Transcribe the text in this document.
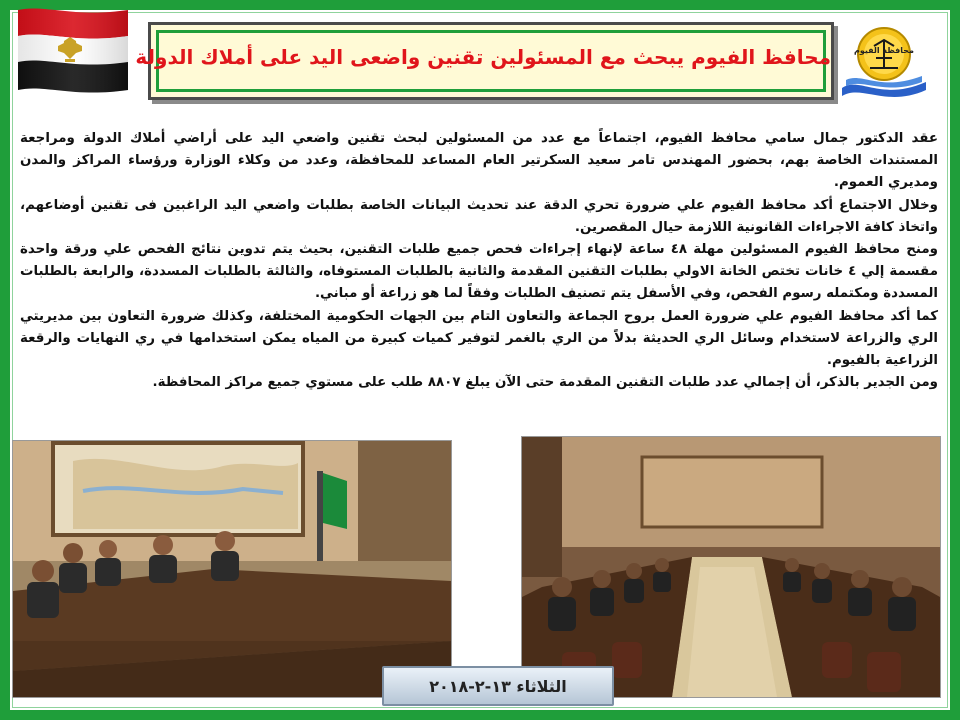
محافظ الفيوم يبحث مع المسئولين تقنين واضعى اليد على أملاك الدولة	محافظة الفيوم

عقد الدكتور جمال سامي محافظ الفيوم، اجتماعاً مع عدد من المسئولين لبحث تقنين واضعي اليد على أراضي أملاك الدولة ومراجعة المستندات الخاصة بهم، بحضور المهندس تامر سعيد السكرتير العام المساعد للمحافظة، وعدد من وكلاء الوزارة ورؤساء المراكز والمدن ومديري العموم.

وخلال الاجتماع أكد محافظ الفيوم علي ضرورة تحري الدقة عند تحديث البيانات الخاصة بطلبات واضعي اليد الراغبين فى تقنين أوضاعهم، واتخاذ كافة الاجراءات القانونية اللازمة حيال المقصرين.

ومنح محافظ الفيوم المسئولين مهلة ٤٨ ساعة لإنهاء إجراءات فحص جميع طلبات التقنين، بحيث يتم تدوين نتائج الفحص علي ورقة واحدة مقسمة إلي ٤ خانات تختص الخانة الاولي بطلبات التقنين المقدمة والثانية بالطلبات المستوفاه، والثالثة بالطلبات المسددة، والرابعة بالطلبات المسددة ومكتمله رسوم الفحص، وفي الأسفل يتم تصنيف الطلبات وفقاً لما هو زراعة أو مباني.

كما أكد محافظ الفيوم علي ضرورة العمل بروح الجماعة والتعاون التام بين الجهات الحكومية المختلفة، وكذلك ضرورة التعاون بين مديريتي الري والزراعة لاستخدام وسائل الري الحديثة بدلاً من الري بالغمر لتوفير كميات كبيرة من المياه يمكن استخدامها في ري النهايات والرقعة الزراعية بالفيوم.

ومن الجدير بالذكر، أن إجمالي عدد طلبات التقنين المقدمة حتى الآن يبلغ ٨٨٠٧ طلب على مستوي جميع مراكز المحافظة.

الثلاثاء ١٣-٢-٢٠١٨
